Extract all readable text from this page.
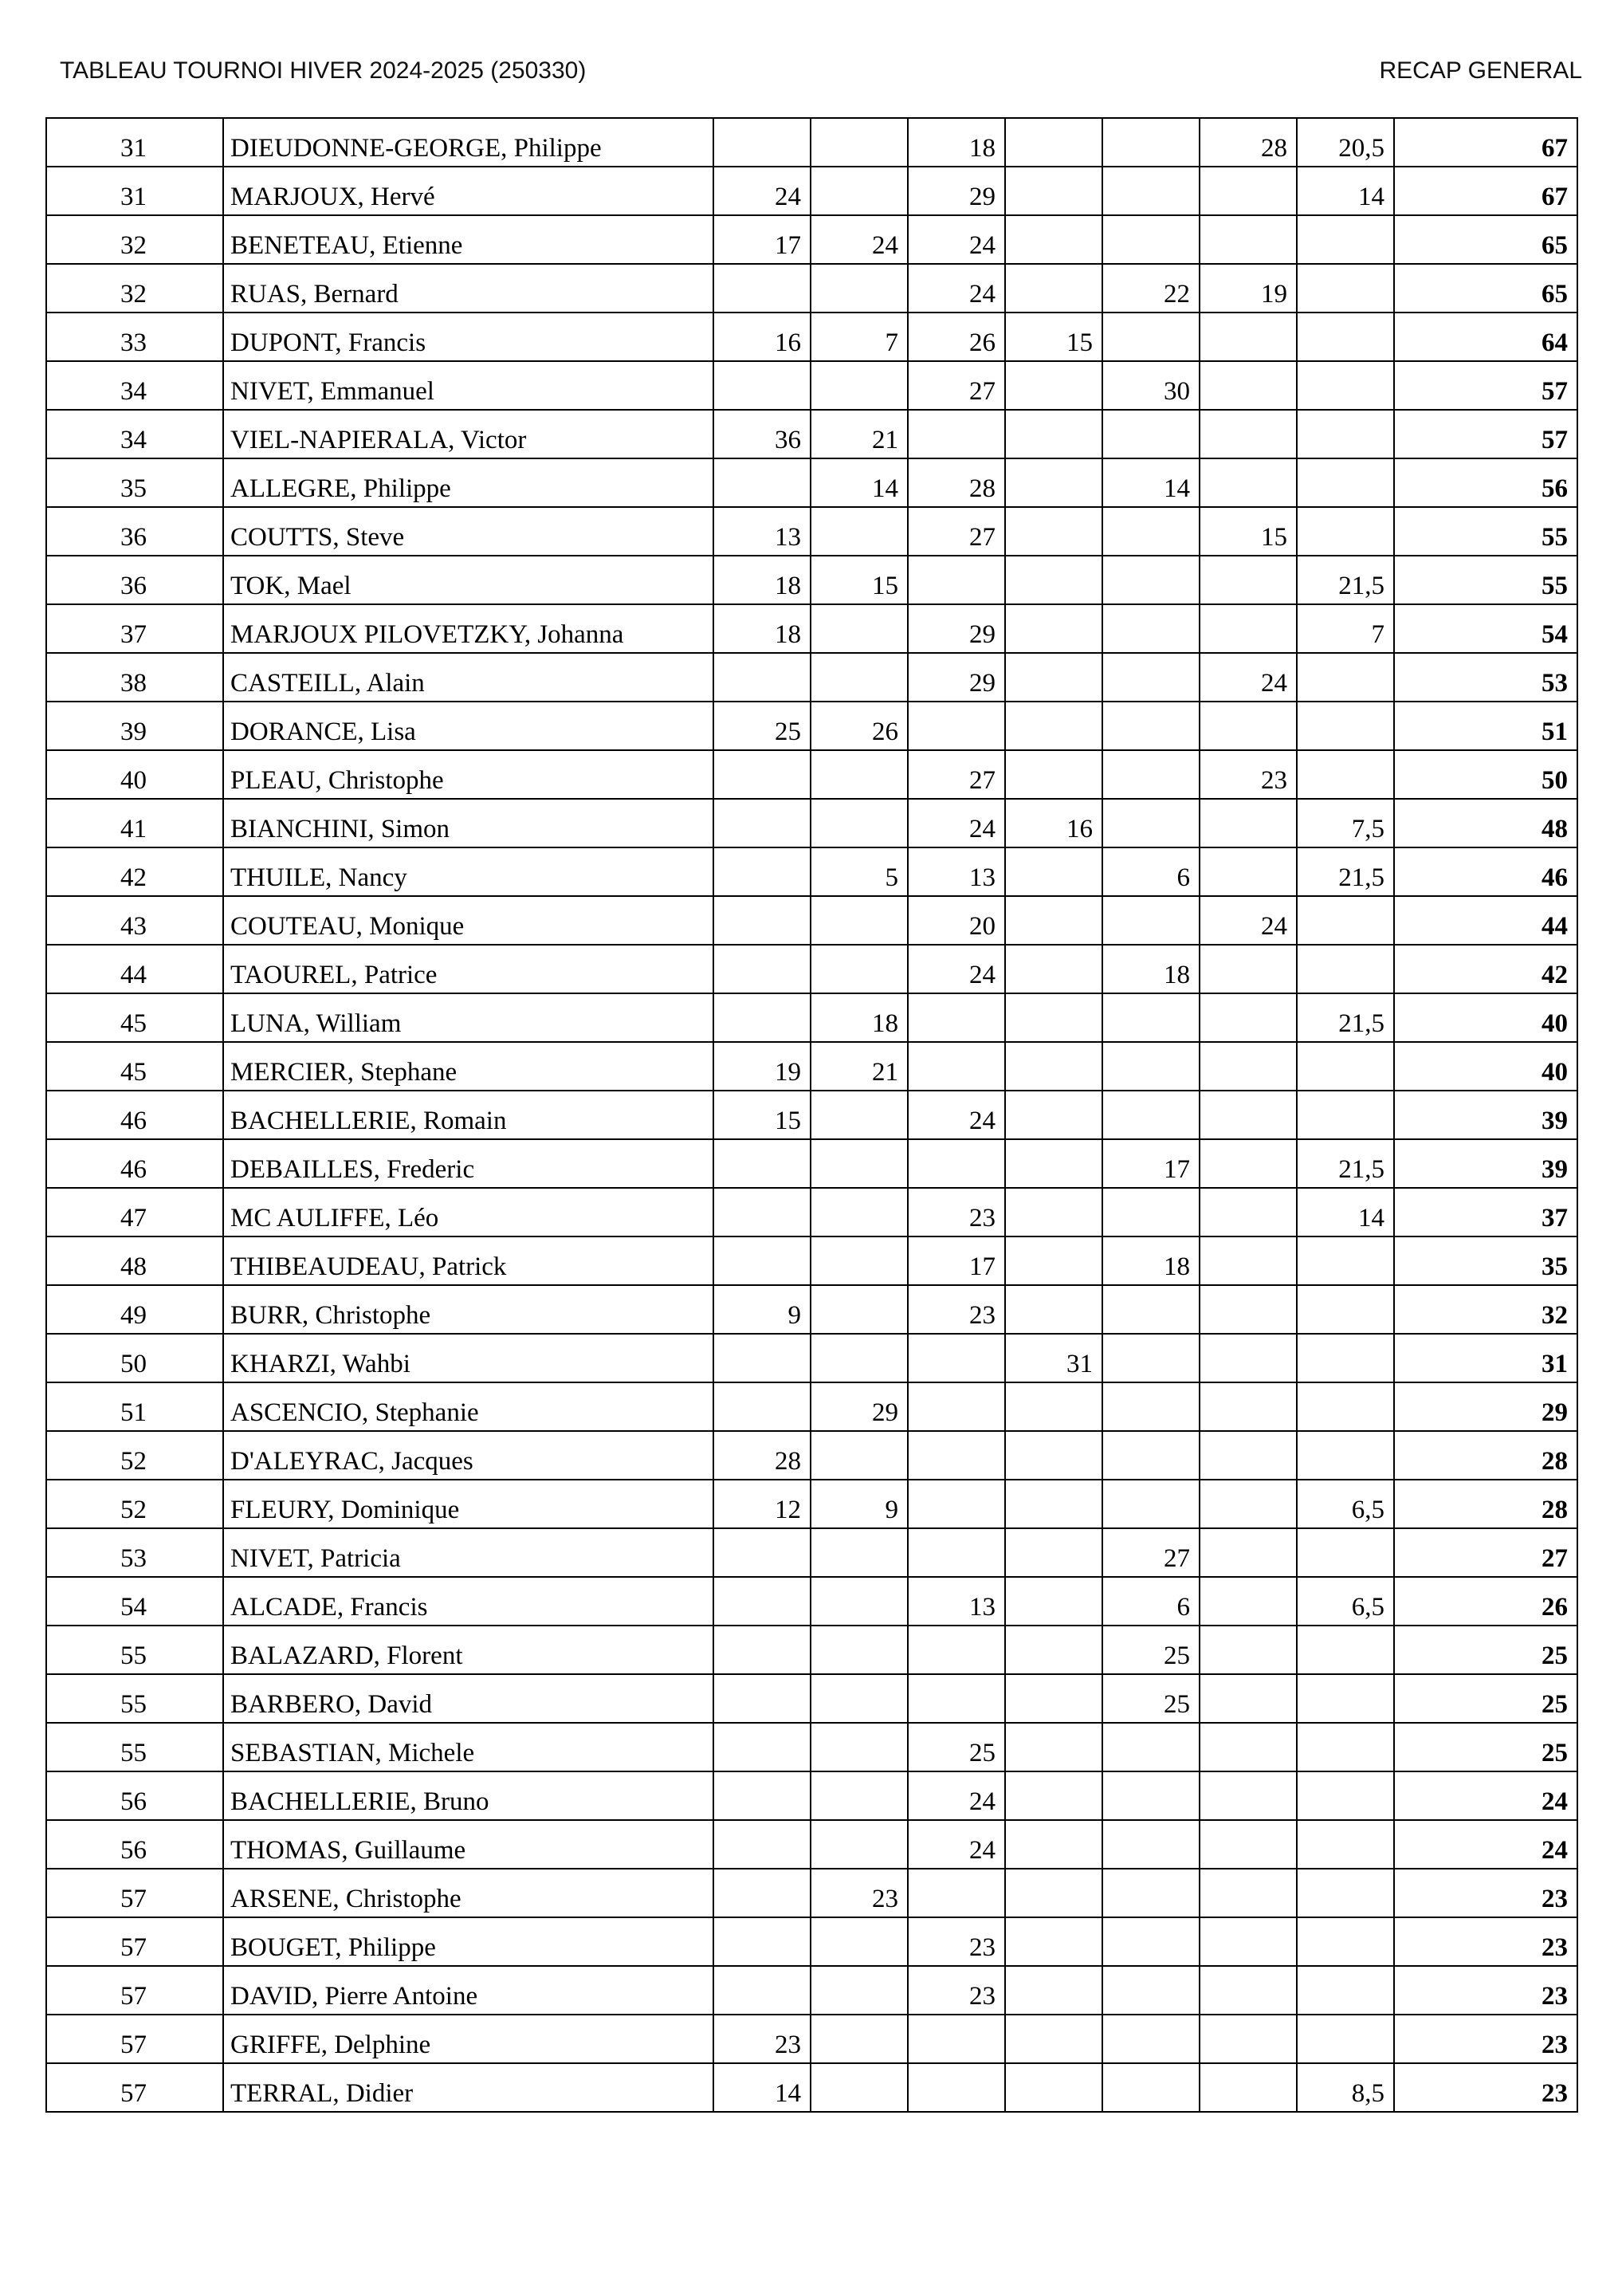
TABLEAU TOURNOI HIVER 2024-2025 (250330)	RECAP GENERAL
31	DIEUDONNE-GEORGE, Philippe			18			28	20,5	67
31	MARJOUX, Hervé	24		29				14	67
32	BENETEAU, Etienne	17	24	24					65
32	RUAS, Bernard			24		22	19		65
33	DUPONT, Francis	16	7	26	15				64
34	NIVET, Emmanuel			27		30			57
34	VIEL-NAPIERALA, Victor	36	21						57
35	ALLEGRE, Philippe		14	28		14			56
36	COUTTS, Steve	13		27			15		55
36	TOK, Mael	18	15					21,5	55
37	MARJOUX PILOVETZKY, Johanna	18		29				7	54
38	CASTEILL, Alain			29			24		53
39	DORANCE, Lisa	25	26						51
40	PLEAU, Christophe			27			23		50
41	BIANCHINI, Simon			24	16			7,5	48
42	THUILE, Nancy		5	13		6		21,5	46
43	COUTEAU, Monique			20			24		44
44	TAOUREL, Patrice			24		18			42
45	LUNA, William		18					21,5	40
45	MERCIER, Stephane	19	21						40
46	BACHELLERIE, Romain	15		24					39
46	DEBAILLES, Frederic					17		21,5	39
47	MC AULIFFE, Léo			23				14	37
48	THIBEAUDEAU, Patrick			17		18			35
49	BURR, Christophe	9		23					32
50	KHARZI, Wahbi				31				31
51	ASCENCIO, Stephanie		29						29
52	D'ALEYRAC, Jacques	28							28
52	FLEURY, Dominique	12	9					6,5	28
53	NIVET, Patricia					27			27
54	ALCADE, Francis			13		6		6,5	26
55	BALAZARD, Florent					25			25
55	BARBERO, David					25			25
55	SEBASTIAN, Michele			25					25
56	BACHELLERIE, Bruno			24					24
56	THOMAS, Guillaume			24					24
57	ARSENE, Christophe		23						23
57	BOUGET, Philippe			23					23
57	DAVID, Pierre Antoine			23					23
57	GRIFFE, Delphine	23							23
57	TERRAL, Didier	14						8,5	23
